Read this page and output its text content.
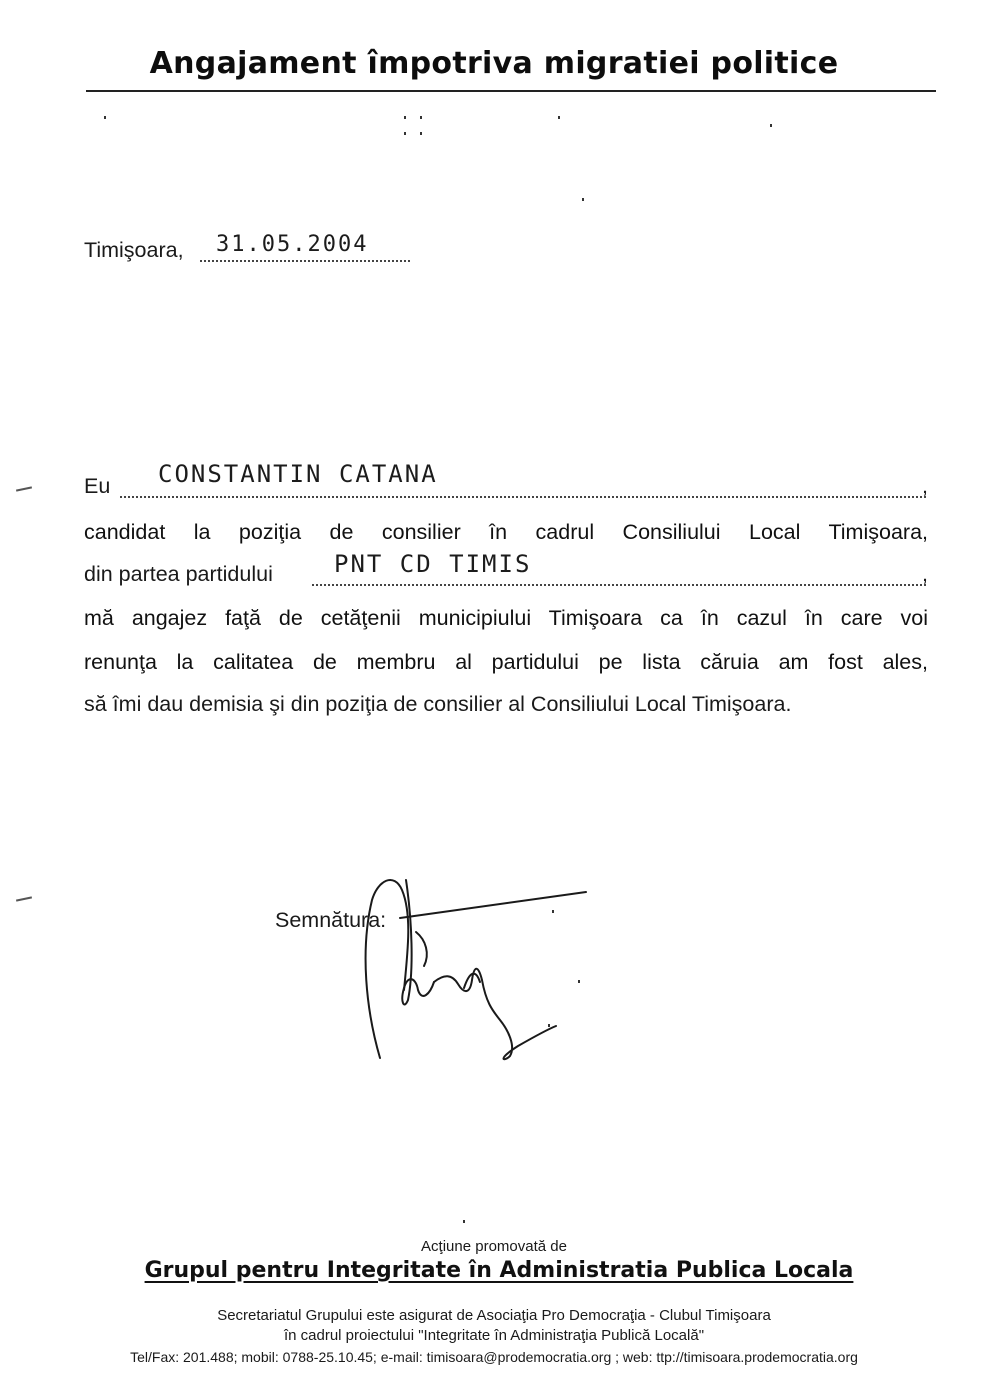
Angajament împotriva migratiei politice
Timişoara, 31.05.2004
Eu CONSTANTIN CATANA	,
candidat la poziţia de consilier în cadrul Consiliului Local Timişoara,
din partea partidului	PNT CD TIMIS	,
mă angajez faţă de cetăţenii municipiului Timişoara ca în cazul în care voi
renunţa la calitatea de membru al partidului pe lista căruia am fost ales,
să îmi dau demisia şi din poziţia de consilier al Consiliului Local Timişoara.
Semnătura:
Acţiune promovată de
Grupul pentru Integritate în Administratia Publica Locala
Secretariatul Grupului este asigurat de Asociaţia Pro Democraţia - Clubul Timişoara
în cadrul proiectului "Integritate în Administraţia Publică Locală"
Tel/Fax: 201.488; mobil: 0788-25.10.45; e-mail: timisoara@prodemocratia.org ; web: ttp://timisoara.prodemocratia.org
